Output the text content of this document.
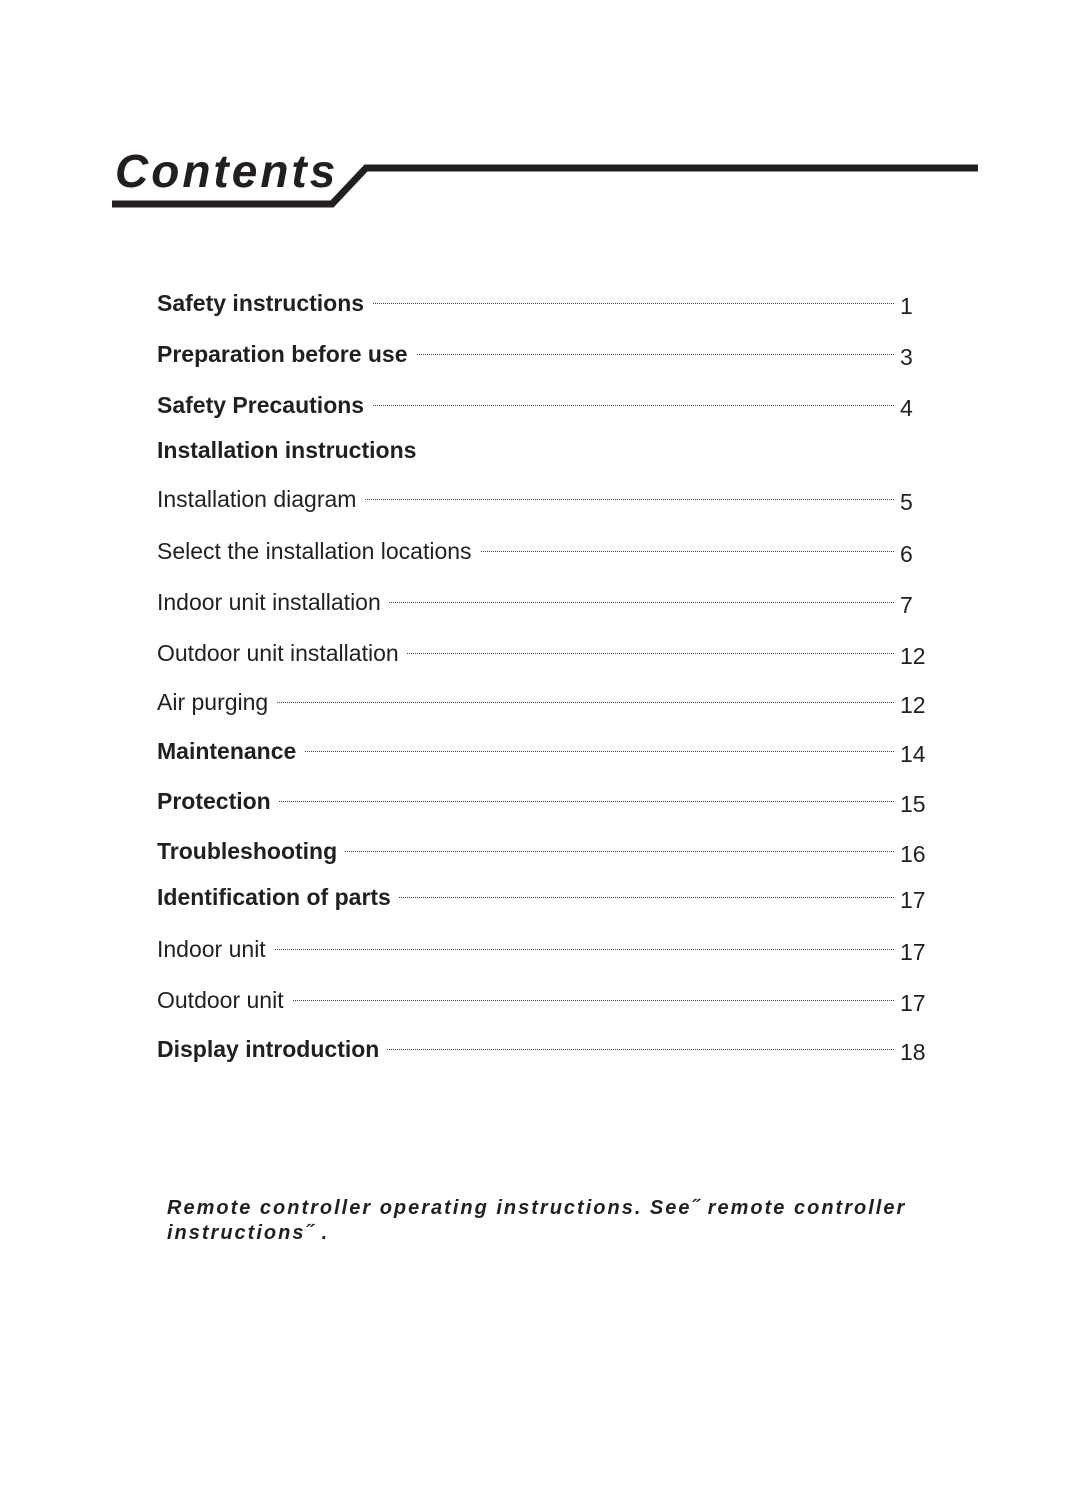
Contents
Safety instructions	1
Preparation before use	3
Safety Precautions	4
Installation instructions
Installation diagram	5
Select the installation locations	6
Indoor unit installation	7
Outdoor unit installation	12
Air purging	12
Maintenance	14
Protection	15
Troubleshooting	16
Identification of parts	17
Indoor unit	17
Outdoor unit	17
Display introduction	18
Remote controller operating instructions. See˝ remote controller instructions˝ .
